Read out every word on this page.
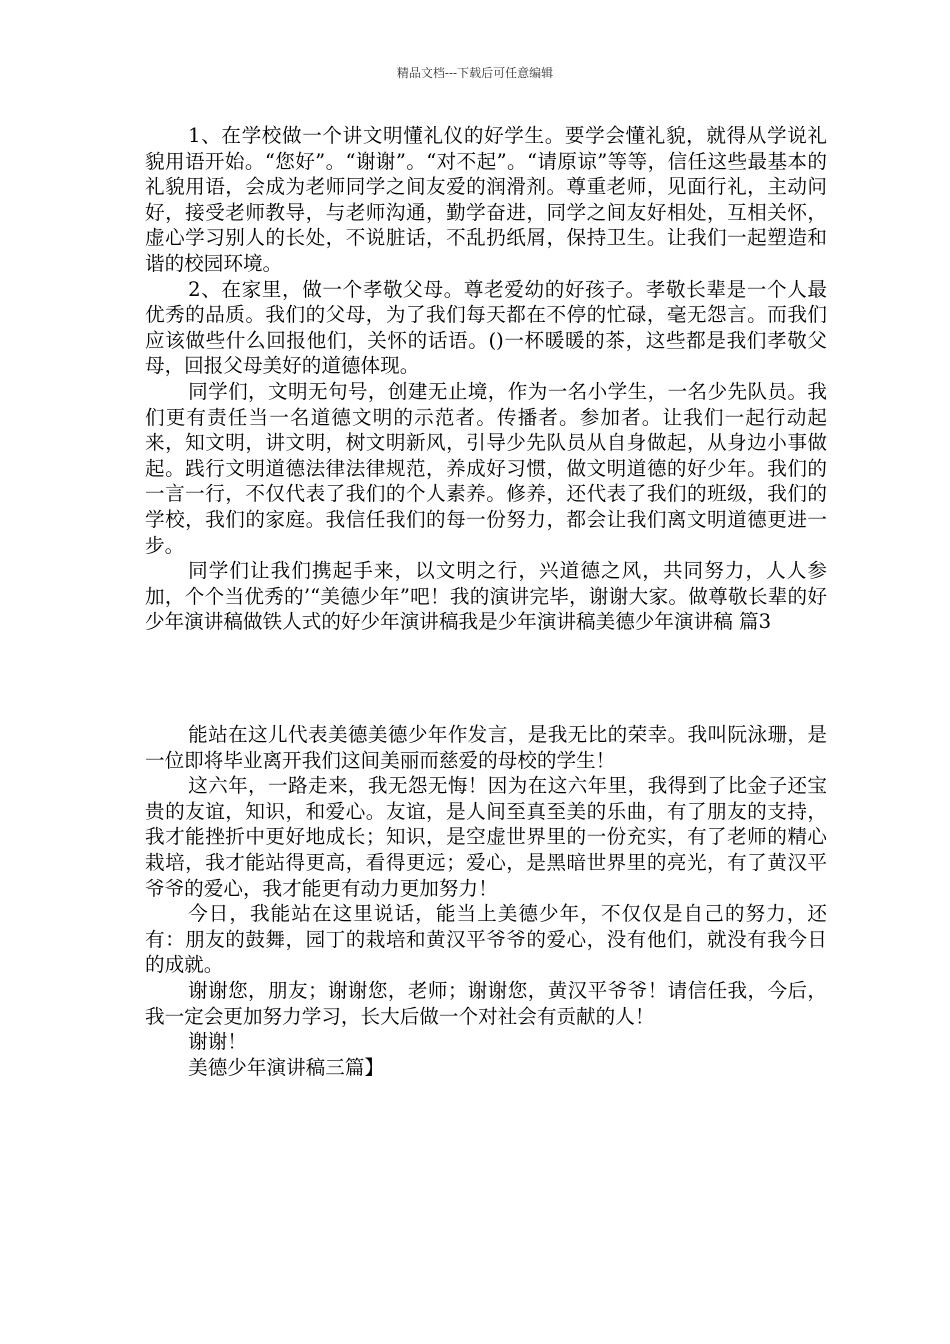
精品文档---下载后可任意编辑

1、在学校做一个讲文明懂礼仪的好学生。要学会懂礼貌，就得从学说礼貌用语开始。“您好”。“谢谢”。“对不起”。“请原谅”等等，信任这些最基本的礼貌用语，会成为老师同学之间友爱的润滑剂。尊重老师，见面行礼，主动问好，接受老师教导，与老师沟通，勤学奋进，同学之间友好相处，互相关怀，虚心学习别人的长处，不说脏话，不乱扔纸屑，保持卫生。让我们一起塑造和谐的校园环境。

2、在家里，做一个孝敬父母。尊老爱幼的好孩子。孝敬长辈是一个人最优秀的品质。我们的父母，为了我们每天都在不停的忙碌，毫无怨言。而我们应该做些什么回报他们，关怀的话语。()一杯暖暖的茶，这些都是我们孝敬父母，回报父母美好的道德体现。

同学们，文明无句号，创建无止境，作为一名小学生，一名少先队员。我们更有责任当一名道德文明的示范者。传播者。参加者。让我们一起行动起来，知文明，讲文明，树文明新风，引导少先队员从自身做起，从身边小事做起。践行文明道德法律法律规范，养成好习惯，做文明道德的好少年。我们的一言一行，不仅代表了我们的个人素养。修养，还代表了我们的班级，我们的学校，我们的家庭。我信任我们的每一份努力，都会让我们离文明道德更进一步。

同学们让我们携起手来，以文明之行，兴道德之风，共同努力，人人参加，个个当优秀的’“美德少年”吧！我的演讲完毕，谢谢大家。做尊敬长辈的好少年演讲稿做铁人式的好少年演讲稿我是少年演讲稿美德少年演讲稿 篇3

能站在这儿代表美德美德少年作发言，是我无比的荣幸。我叫阮泳珊，是一位即将毕业离开我们这间美丽而慈爱的母校的学生！

这六年，一路走来，我无怨无悔！因为在这六年里，我得到了比金子还宝贵的友谊，知识，和爱心。友谊，是人间至真至美的乐曲，有了朋友的支持，我才能挫折中更好地成长；知识，是空虚世界里的一份充实，有了老师的精心栽培，我才能站得更高，看得更远；爱心，是黑暗世界里的亮光，有了黄汉平爷爷的爱心，我才能更有动力更加努力！

今日，我能站在这里说话，能当上美德少年，不仅仅是自己的努力，还有：朋友的鼓舞，园丁的栽培和黄汉平爷爷的爱心，没有他们，就没有我今日的成就。

谢谢您，朋友；谢谢您，老师；谢谢您，黄汉平爷爷！请信任我，今后，我一定会更加努力学习，长大后做一个对社会有贡献的人！

谢谢！

美德少年演讲稿三篇】
